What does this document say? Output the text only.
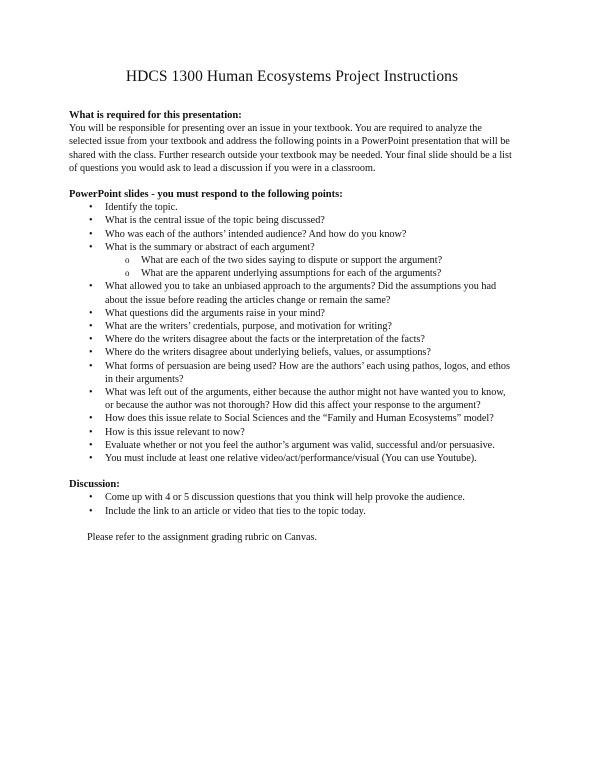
HDCS 1300 Human Ecosystems Project Instructions

What is required for this presentation:

You will be responsible for presenting over an issue in your textbook. You are required to analyze the selected issue from your textbook and address the following points in a PowerPoint presentation that will be shared with the class. Further research outside your textbook may be needed. Your final slide should be a list of questions you would ask to lead a discussion if you were in a classroom.

PowerPoint slides - you must respond to the following points:

• Identify the topic.
• What is the central issue of the topic being discussed?
• Who was each of the authors’ intended audience? And how do you know?
• What is the summary or abstract of each argument?
o What are each of the two sides saying to dispute or support the argument?
o What are the apparent underlying assumptions for each of the arguments?
• What allowed you to take an unbiased approach to the arguments? Did the assumptions you had about the issue before reading the articles change or remain the same?
• What questions did the arguments raise in your mind?
• What are the writers’ credentials, purpose, and motivation for writing?
• Where do the writers disagree about the facts or the interpretation of the facts?
• Where do the writers disagree about underlying beliefs, values, or assumptions?
• What forms of persuasion are being used? How are the authors’ each using pathos, logos, and ethos in their arguments?
• What was left out of the arguments, either because the author might not have wanted you to know, or because the author was not thorough? How did this affect your response to the argument?
• How does this issue relate to Social Sciences and the “Family and Human Ecosystems” model?
• How is this issue relevant to now?
• Evaluate whether or not you feel the author’s argument was valid, successful and/or persuasive.
• You must include at least one relative video/act/performance/visual (You can use Youtube).

Discussion:

• Come up with 4 or 5 discussion questions that you think will help provoke the audience.
• Include the link to an article or video that ties to the topic today.

Please refer to the assignment grading rubric on Canvas.
